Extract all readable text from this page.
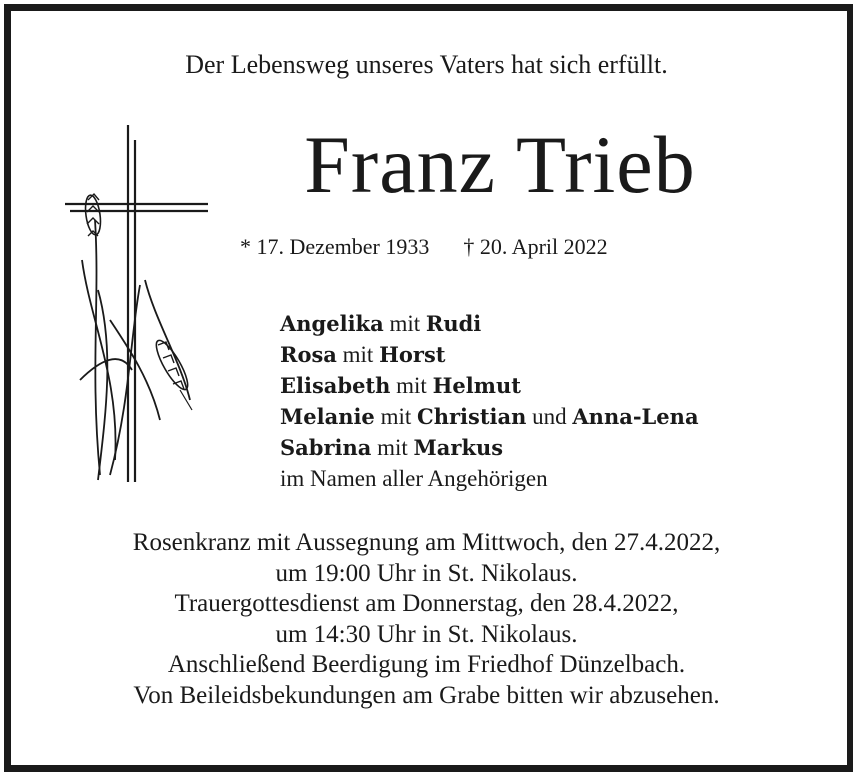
Der Lebensweg unseres Vaters hat sich erfüllt.
Franz Trieb
* 17. Dezember 1933 † 20. April 2022
Angelika mit Rudi
Rosa mit Horst
Elisabeth mit Helmut
Melanie mit Christian und Anna-Lena
Sabrina mit Markus
im Namen aller Angehörigen
Rosenkranz mit Aussegnung am Mittwoch, den 27.4.2022,
um 19:00 Uhr in St. Nikolaus.
Trauergottesdienst am Donnerstag, den 28.4.2022,
um 14:30 Uhr in St. Nikolaus.
Anschließend Beerdigung im Friedhof Dünzelbach.
Von Beileidsbekundungen am Grabe bitten wir abzusehen.
